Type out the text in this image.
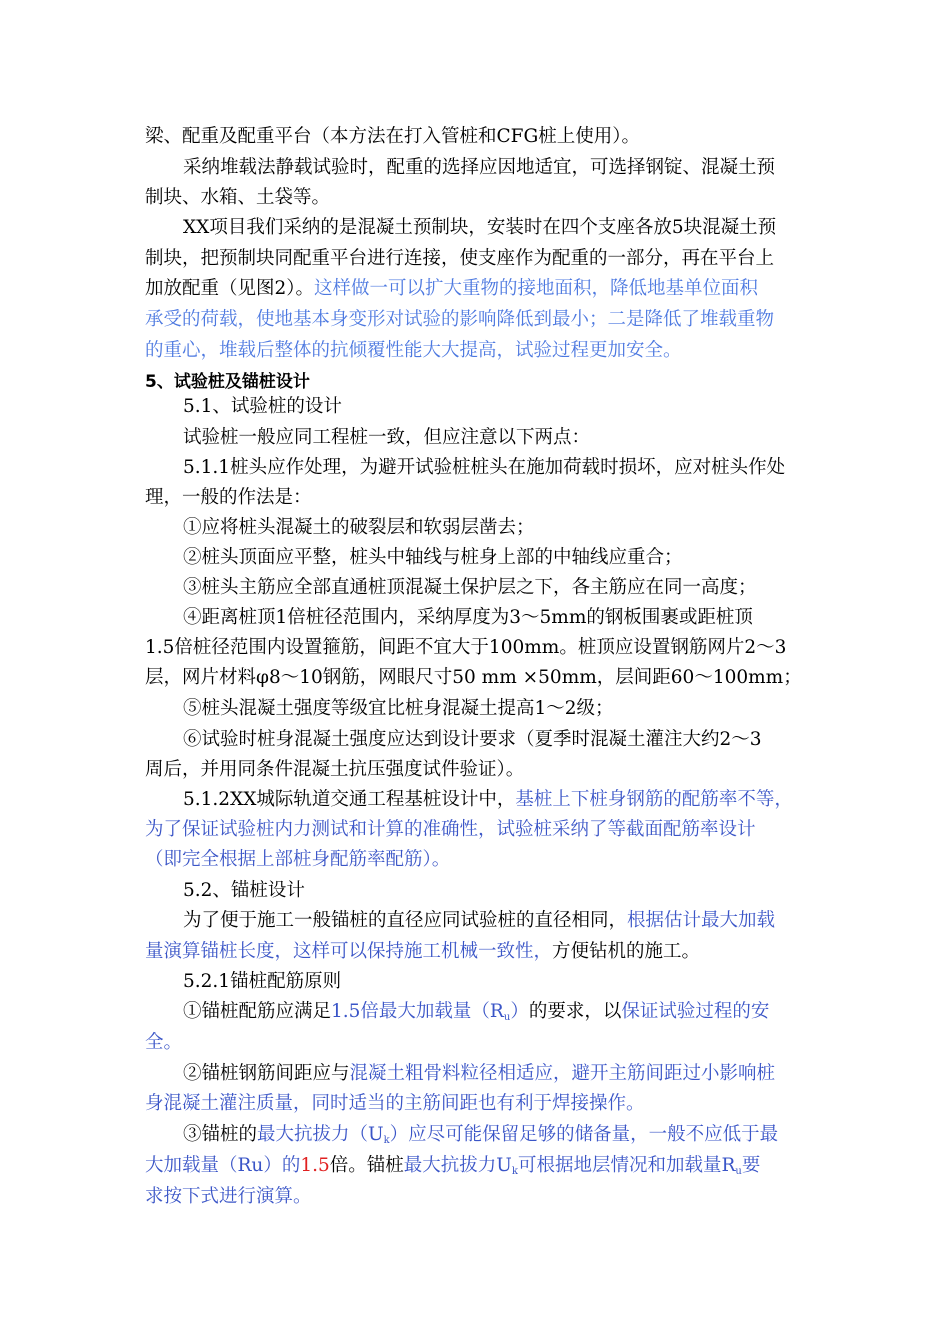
梁、配重及配重平台（本方法在打入管桩和CFG桩上使用）。

采纳堆载法静载试验时，配重的选择应因地适宜，可选择钢锭、混凝土预

制块、水箱、土袋等。

XX项目我们采纳的是混凝土预制块，安装时在四个支座各放5块混凝土预

制块，把预制块同配重平台进行连接，使支座作为配重的一部分，再在平台上

加放配重（见图2）。这样做一可以扩大重物的接地面积，降低地基单位面积

承受的荷载，使地基本身变形对试验的影响降低到最小；二是降低了堆载重物

的重心，堆载后整体的抗倾覆性能大大提高，试验过程更加安全。

5、试验桩及锚桩设计

5.1、试验桩的设计

试验桩一般应同工程桩一致，但应注意以下两点：

5.1.1桩头应作处理，为避开试验桩桩头在施加荷载时损坏，应对桩头作处

理，一般的作法是：

①应将桩头混凝土的破裂层和软弱层凿去；

②桩头顶面应平整，桩头中轴线与桩身上部的中轴线应重合；

③桩头主筋应全部直通桩顶混凝土保护层之下，各主筋应在同一高度；

④距离桩顶1倍桩径范围内，采纳厚度为3～5mm的钢板围裹或距桩顶

1.5倍桩径范围内设置箍筋，间距不宜大于100mm。桩顶应设置钢筋网片2～3

层，网片材料φ8～10钢筋，网眼尺寸50 mm ×50mm，层间距60～100mm；

⑤桩头混凝土强度等级宜比桩身混凝土提高1～2级；

⑥试验时桩身混凝土强度应达到设计要求（夏季时混凝土灌注大约2～3

周后，并用同条件混凝土抗压强度试件验证）。

5.1.2XX城际轨道交通工程基桩设计中，基桩上下桩身钢筋的配筋率不等，

为了保证试验桩内力测试和计算的准确性，试验桩采纳了等截面配筋率设计

（即完全根据上部桩身配筋率配筋）。

5.2、锚桩设计

为了便于施工一般锚桩的直径应同试验桩的直径相同，根据估计最大加载

量演算锚桩长度，这样可以保持施工机械一致性，方便钻机的施工。

5.2.1锚桩配筋原则

①锚桩配筋应满足1.5倍最大加载量$(R_u)$的要求，以保证试验过程的安

全。

②锚桩钢筋间距应与混凝土粗骨料粒径相适应，避开主筋间距过小影响桩

身混凝土灌注质量，同时适当的主筋间距也有利于焊接操作。

③锚桩的最大抗拔力$(U_k)$应尽可能保留足够的储备量，一般不应低于最

大加载量（Ru）的1.5倍。锚桩最大抗拔力$U_k$可根据地层情况和加载量$R_u$要

求按下式进行演算。
